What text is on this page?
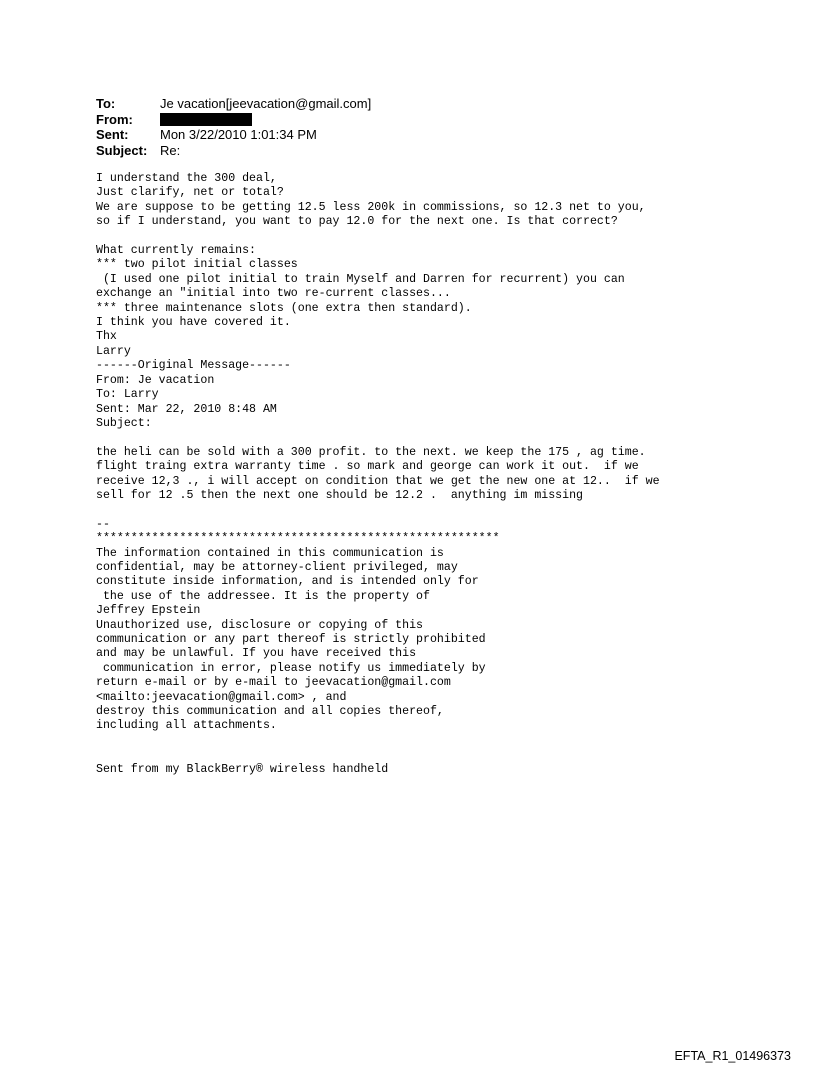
To:	Je vacation[jeevacation@gmail.com]
From:
Sent:	Mon 3/22/2010 1:01:34 PM
Subject: Re:
I understand the 300 deal,
Just clarify, net or total?
We are suppose to be getting 12.5 less 200k in commissions, so 12.3 net to you,
so if I understand, you want to pay 12.0 for the next one. Is that correct?

What currently remains:
*** two pilot initial classes
(I used one pilot initial to train Myself and Darren for recurrent) you can
exchange an "initial into two re-current classes...
*** three maintenance slots (one extra then standard).
I think you have covered it.
Thx
Larry
------Original Message------
From: Je vacation
To: Larry
Sent: Mar 22, 2010 8:48 AM
Subject:

the heli can be sold with a 300 profit. to the next. we keep the 175 , ag time.
flight traing extra warranty time . so mark and george can work it out.  if we
receive 12,3 ., i will accept on condition that we get the new one at 12..  if we
sell for 12 .5 then the next one should be 12.2 .  anything im missing

--
**********************************************************
The information contained in this communication is
confidential, may be attorney-client privileged, may
constitute inside information, and is intended only for
the use of the addressee. It is the property of
Jeffrey Epstein
Unauthorized use, disclosure or copying of this
communication or any part thereof is strictly prohibited
and may be unlawful. If you have received this
communication in error, please notify us immediately by
return e-mail or by e-mail to jeevacation@gmail.com
<mailto:jeevacation@gmail.com> , and
destroy this communication and all copies thereof,
including all attachments.

Sent from my BlackBerry® wireless handheld
EFTA_R1_01496373
